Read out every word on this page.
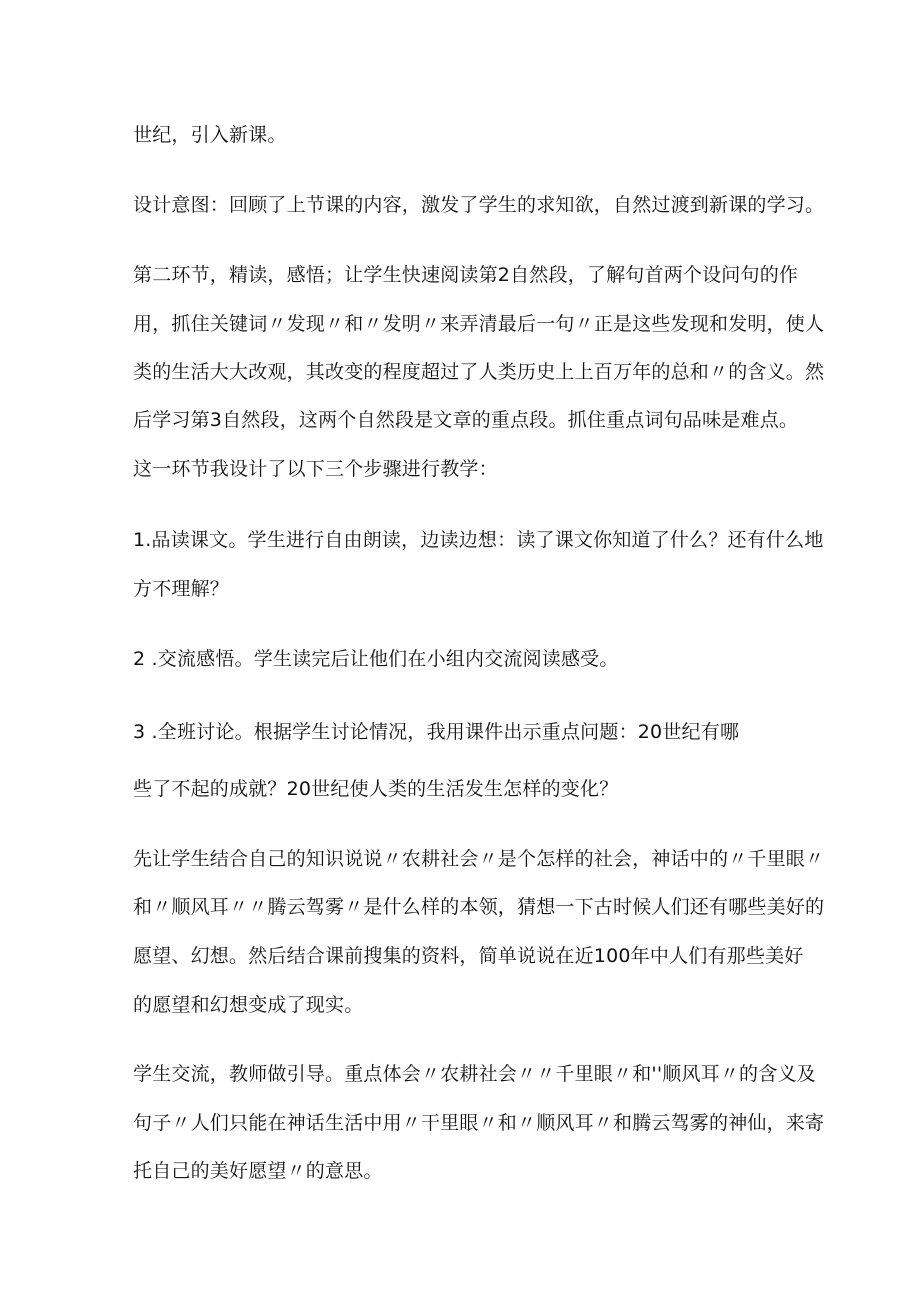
世纪，引入新课。
设计意图：回顾了上节课的内容，激发了学生的求知欲，自然过渡到新课的学习。
第二环节，精读，感悟；让学生快速阅读第2自然段，了解句首两个设问句的作
用，抓住关键词〃发现〃和〃发明〃来弄清最后一句〃正是这些发现和发明，使人
类的生活大大改观，其改变的程度超过了人类历史上上百万年的总和〃的含义。然
后学习第3自然段，这两个自然段是文章的重点段。抓住重点词句品味是难点。
这一环节我设计了以下三个步骤进行教学：
1.品读课文。学生进行自由朗读，边读边想：读了课文你知道了什么？还有什么地
方不理解？
2 .交流感悟。学生读完后让他们在小组内交流阅读感受。
3 .全班讨论。根据学生讨论情况，我用课件出示重点问题：20世纪有哪
些了不起的成就？20世纪使人类的生活发生怎样的变化？
先让学生结合自己的知识说说〃农耕社会〃是个怎样的社会，神话中的〃千里眼〃
和〃顺风耳〃〃腾云驾雾〃是什么样的本领，猜想一下古时候人们还有哪些美好的
愿望、幻想。然后结合课前搜集的资料，简单说说在近100年中人们有那些美好
的愿望和幻想变成了现实。
学生交流，教师做引导。重点体会〃农耕社会〃〃千里眼〃和''顺风耳〃的含义及
句子〃人们只能在神话生活中用〃干里眼〃和〃顺风耳〃和腾云驾雾的神仙，来寄
托自己的美好愿望〃的意思。
